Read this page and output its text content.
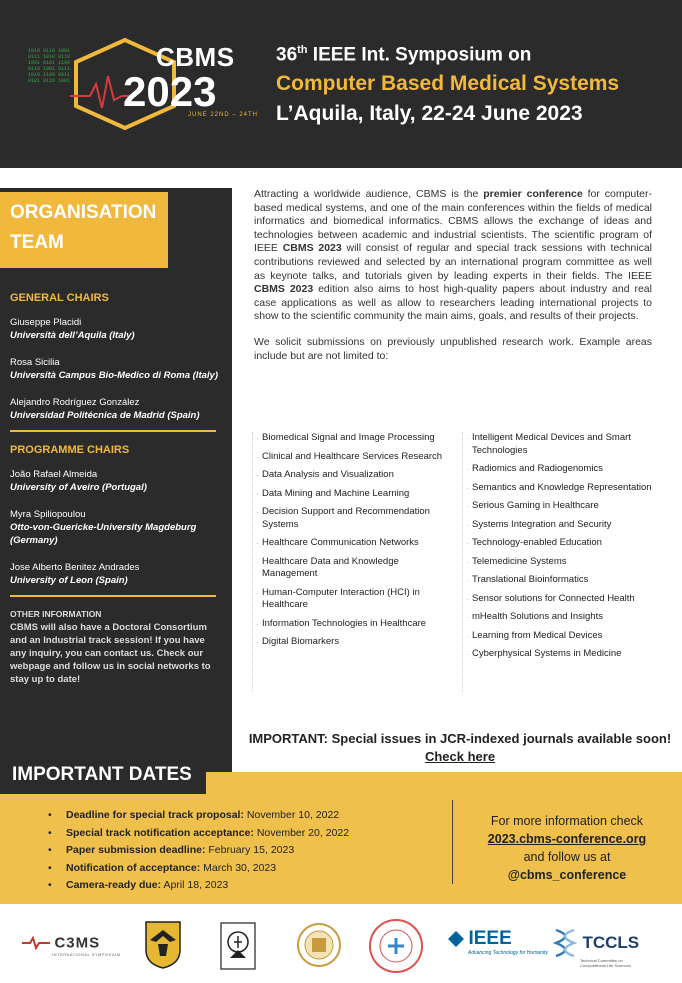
1010 0110 1001
0111 1010 0110
1001 0101 1100
0110 1001 0111
1010 1100 0011
0101 0110 1001
CBMS
2023
JUNE 22ND – 24TH
36th IEEE Int. Symposium on
Computer Based Medical Systems
L’Aquila, Italy, 22-24 June 2023
ORGANISATION
TEAM
GENERAL CHAIRS
Giuseppe Placidi
Università dell’Aquila (Italy)
Rosa Sicilia
Università Campus Bio-Medico di Roma (Italy)
Alejandro Rodríguez González
Universidad Politécnica de Madrid (Spain)
PROGRAMME CHAIRS
João Rafael Almeida
University of Aveiro (Portugal)
Myra Spiliopoulou
Otto-von-Guericke-University Magdeburg (Germany)
Jose Alberto Benitez Andrades
University of Leon (Spain)
OTHER INFORMATION
CBMS will also have a Doctoral Consortium and an Industrial track session! If you have any inquiry, you can contact us. Check our webpage and follow us in social networks to stay up to date!

Attracting a worldwide audience, CBMS is the premier conference for computer-based medical systems, and one of the main conferences within the fields of medical informatics and biomedical informatics. CBMS allows the exchange of ideas and technologies between academic and industrial scientists. The scientific program of IEEE CBMS 2023 will consist of regular and special track sessions with technical contributions reviewed and selected by an international program committee as well as keynote talks, and tutorials given by leading experts in their fields. The IEEE CBMS 2023 edition also aims to host high-quality papers about industry and real case applications as well as allow to researchers leading international projects to show to the scientific community the main aims, goals, and results of their projects.

We solicit submissions on previously unpublished research work. Example areas include but are not limited to:

· Biomedical Signal and Image Processing
· Clinical and Healthcare Services Research
· Data Analysis and Visualization
· Data Mining and Machine Learning
· Decision Support and Recommendation Systems
· Healthcare Communication Networks
· Healthcare Data and Knowledge Management
· Human-Computer Interaction (HCI) in Healthcare
· Information Technologies in Healthcare
· Digital Biomarkers
· Intelligent Medical Devices and Smart Technologies
· Radiomics and Radiogenomics
· Semantics and Knowledge Representation
· Serious Gaming in Healthcare
· Systems Integration and Security
· Technology-enabled Education
· Telemedicine Systems
· Translational Bioinformatics
· Sensor solutions for Connected Health
· mHealth Solutions and Insights
· Learning from Medical Devices
· Cyberphysical Systems in Medicine
IMPORTANT: Special issues in JCR-indexed journals available soon!
Check here
IMPORTANT DATES
• Deadline for special track proposal: November 10, 2022
• Special track notification acceptance: November 20, 2022
• Paper submission deadline: February 15, 2023
• Notification of acceptance: March 30, 2023
• Camera-ready due: April 18, 2023
For more information check
2023.cbms-conference.org
and follow us at
@cbms_conference
C3MS
INTERNATIONAL SYMPOSIUM
IEEE
Advancing Technology for Humanity
TCCLS
Technical Committee on Computational Life Sciences
